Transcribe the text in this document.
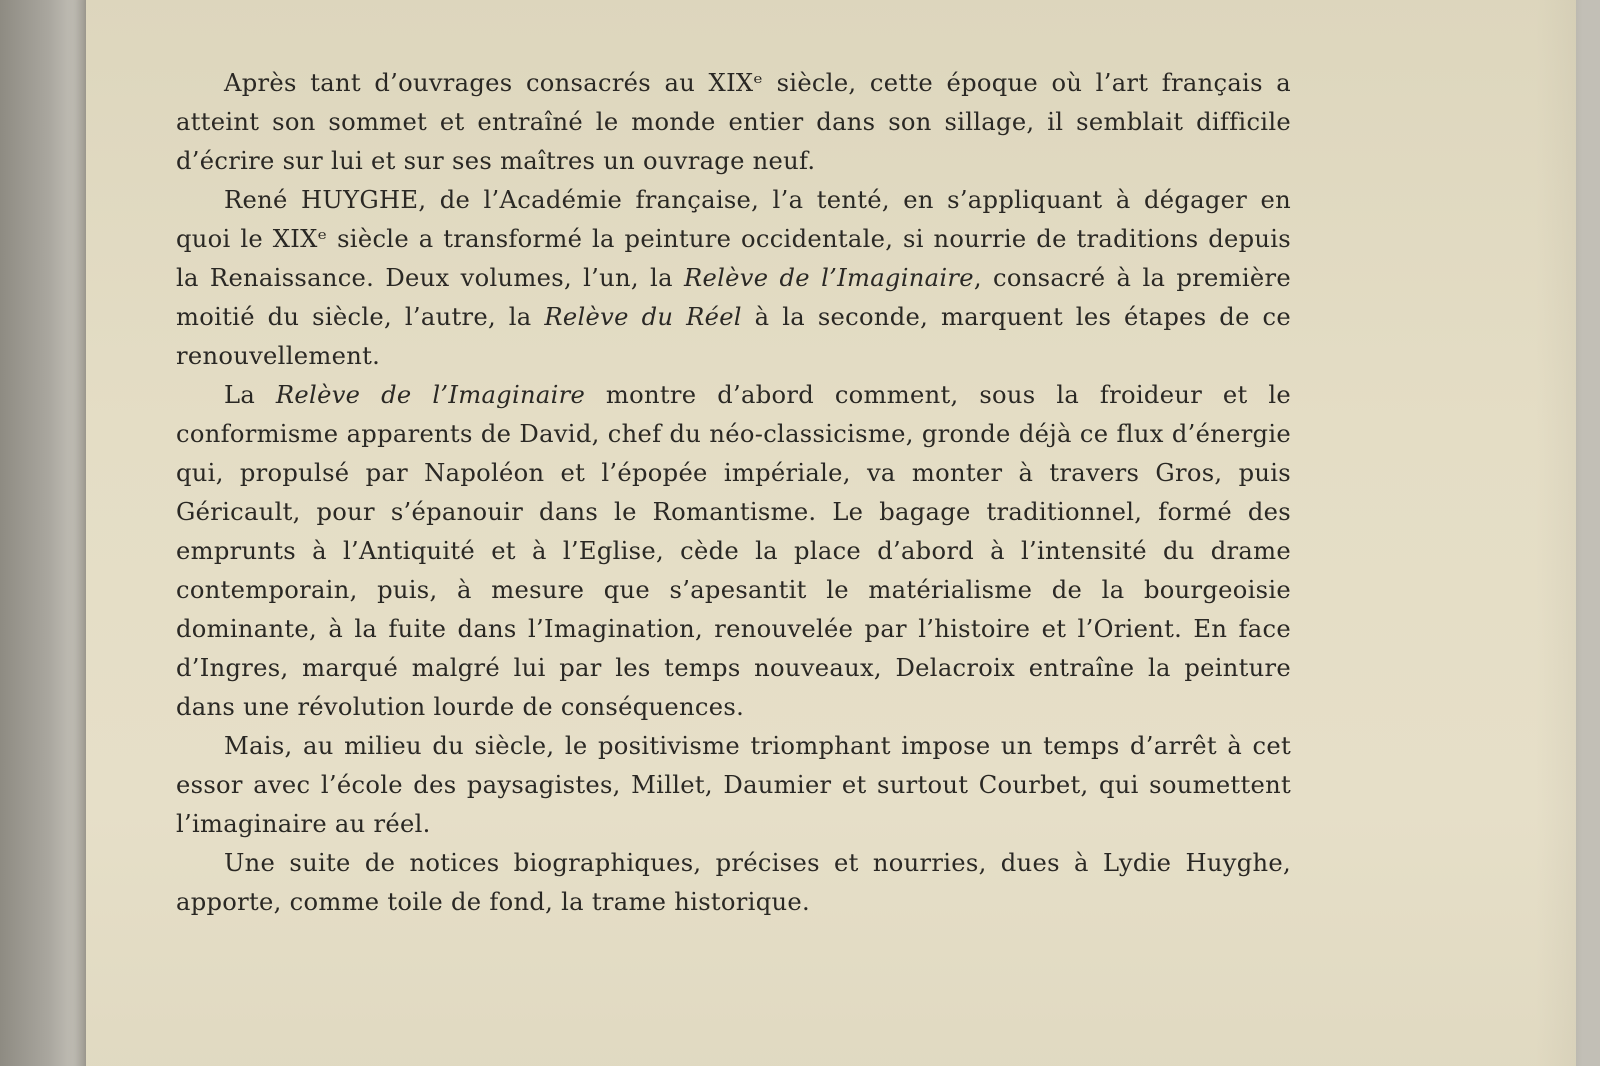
Après tant d’ouvrages consacrés au XIXᵉ siècle, cette époque où l’art français a atteint son sommet et entraîné le monde entier dans son sillage, il semblait difficile d’écrire sur lui et sur ses maîtres un ouvrage neuf.

René HUYGHE, de l’Académie française, l’a tenté, en s’appliquant à dégager en quoi le XIXᵉ siècle a transformé la peinture occidentale, si nourrie de traditions depuis la Renaissance. Deux volumes, l’un, la Relève de l’Imaginaire, consacré à la première moitié du siècle, l’autre, la Relève du Réel à la seconde, marquent les étapes de ce renouvellement.

La Relève de l’Imaginaire montre d’abord comment, sous la froideur et le conformisme apparents de David, chef du néo-classicisme, gronde déjà ce flux d’énergie qui, propulsé par Napoléon et l’épopée impériale, va monter à travers Gros, puis Géricault, pour s’épanouir dans le Romantisme. Le bagage traditionnel, formé des emprunts à l’Antiquité et à l’Eglise, cède la place d’abord à l’intensité du drame contemporain, puis, à mesure que s’apesantit le matérialisme de la bourgeoisie dominante, à la fuite dans l’Imagination, renouvelée par l’histoire et l’Orient. En face d’Ingres, marqué malgré lui par les temps nouveaux, Delacroix entraîne la peinture dans une révolution lourde de conséquences.

Mais, au milieu du siècle, le positivisme triomphant impose un temps d’arrêt à cet essor avec l’école des paysagistes, Millet, Daumier et surtout Courbet, qui soumettent l’imaginaire au réel.

Une suite de notices biographiques, précises et nourries, dues à Lydie Huyghe, apporte, comme toile de fond, la trame historique.
